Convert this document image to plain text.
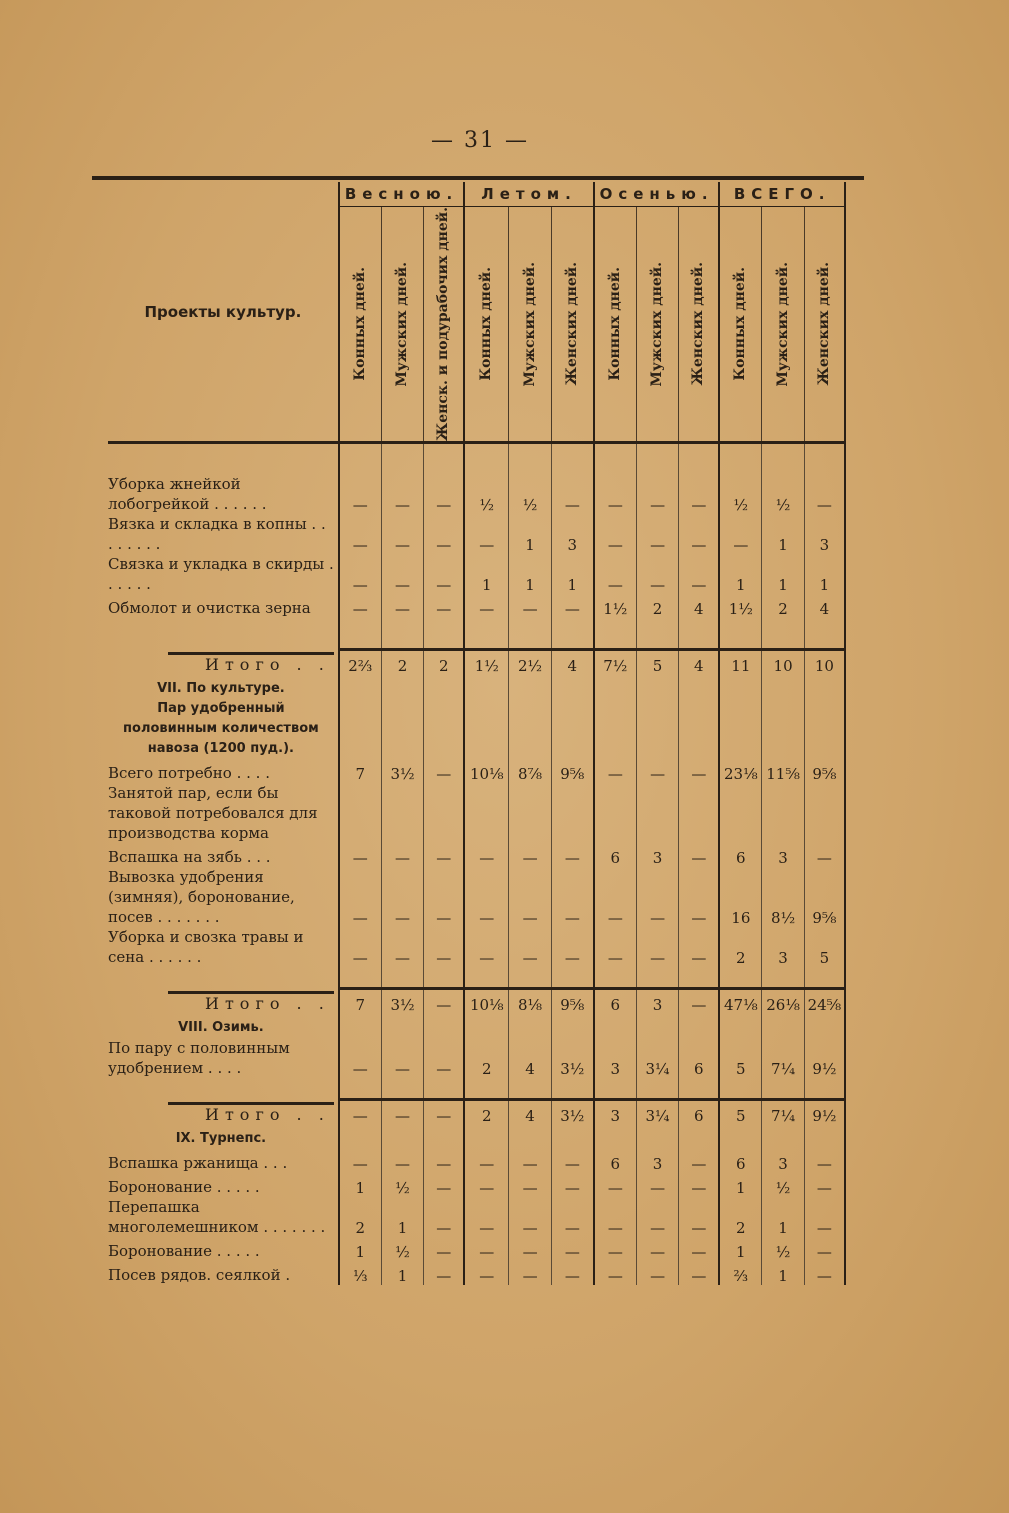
— 31 —
Проекты культур.	Весною.			Летом.			Осенью.			ВСЕГО.		

	Конных дней.	Мужских дней.	Женск. и подурабочих дней.	Конных дней.	Мужских дней.	Женских дней.	Конных дней.	Мужских дней.	Женских дней.	Конных дней.	Мужских дней.	Женских дней.

Уборка жнейкой лобогрейкой . . . . . .	—	—	—	½	½	—	—	—	—	½	½	—

Вязка и складка в копны . . . . . . . .	—	—	—	—	1	3	—	—	—	—	1	3

Связка и укладка в скирды . . . . . .	—	—	—	1	1	1	—	—	—	1	1	1

Обмолот и очистка зерна	—	—	—	—	—	—	1½	2	4	1½	2	4

Итого . .	2⅔	2	2	1½	2½	4	7½	5	4	11	10	10

VII. По культуре.												

Пар удобренный половинным количеством навоза (1200 пуд.).												

Всего потребно . . . .	7	3½	—	10⅛	8⅞	9⅝	—	—	—	23⅛	11⅝	9⅝

Занятой пар, если бы таковой потребовался для производства корма												

Вспашка на зябь . . .	—	—	—	—	—	—	6	3	—	6	3	—

Вывозка удобрения (зимняя), боронование, посев . . . . . . .	—	—	—	—	—	—	—	—	—	16	8½	9⅝

Уборка и свозка травы и сена . . . . . .	—	—	—	—	—	—	—	—	—	2	3	5

Итого . .	7	3½	—	10⅛	8⅛	9⅝	6	3	—	47⅛	26⅛	24⅝

VIII. Озимь.												

По пару с половинным удобрением . . . .	—	—	—	2	4	3½	3	3¼	6	5	7¼	9½

Итого . .	—	—	—	2	4	3½	3	3¼	6	5	7¼	9½

IX. Турнепс.												

Вспашка ржанища . . .	—	—	—	—	—	—	6	3	—	6	3	—

Боронование . . . . .	1	½	—	—	—	—	—	—	—	1	½	—

Перепашка многолемешником . . . . . . .	2	1	—	—	—	—	—	—	—	2	1	—

Боронование . . . . .	1	½	—	—	—	—	—	—	—	1	½	—

Посев рядов. сеялкой .	⅓	1	—	—	—	—	—	—	—	⅔	1	—
